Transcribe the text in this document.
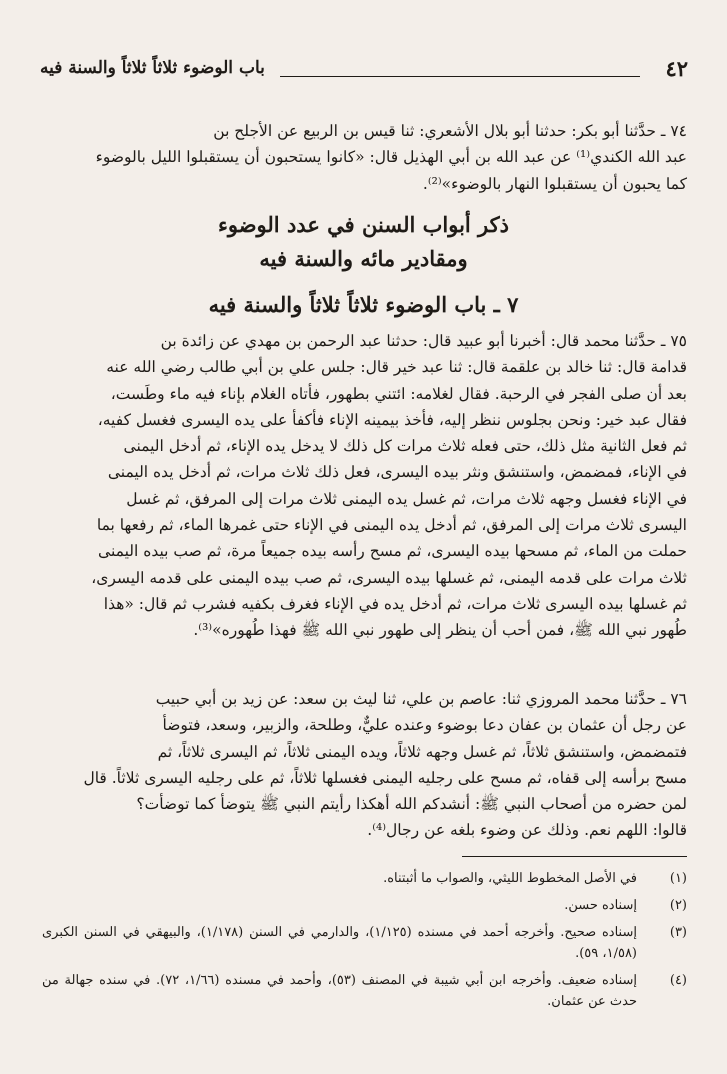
٤٢
باب الوضوء ثلاثاً ثلاثاً والسنة فيه

٧٤ ـ حدَّثنا أبو بكر: حدثنا أبو بلال الأشعري: ثنا قيس بن الربيع عن الأجلح بن

عبد الله الكندي⁽¹⁾ عن عبد الله بن أبي الهذيل قال: «كانوا يستحبون أن يستقبلوا الليل بالوضوء

كما يحبون أن يستقبلوا النهار بالوضوء»⁽²⁾.

ذكر أبواب السنن في عدد الوضوء
ومقادير مائه والسنة فيه
٧ ـ باب الوضوء ثلاثاً ثلاثاً والسنة فيه

٧٥ ـ حدَّثنا محمد قال: أخبرنا أبو عبيد قال: حدثنا عبد الرحمن بن مهدي عن زائدة بن

قدامة قال: ثنا خالد بن علقمة قال: ثنا عبد خير قال: جلس علي بن أبي طالب رضي الله عنه

بعد أن صلى الفجر في الرحبة. فقال لغلامه: ائتني بطهور، فأتاه الغلام بإناء فيه ماء وطَست،

فقال عبد خير: ونحن بجلوس ننظر إليه، فأخذ بيمينه الإناء فأكفأ على يده اليسرى فغسل كفيه،

ثم فعل الثانية مثل ذلك، حتى فعله ثلاث مرات كل ذلك لا يدخل يده الإناء، ثم أدخل اليمنى

في الإناء، فمضمض، واستنشق ونثر بيده اليسرى، فعل ذلك ثلاث مرات، ثم أدخل يده اليمنى

في الإناء فغسل وجهه ثلاث مرات، ثم غسل يده اليمنى ثلاث مرات إلى المرفق، ثم غسل

اليسرى ثلاث مرات إلى المرفق، ثم أدخل يده اليمنى في الإناء حتى غمرها الماء، ثم رفعها بما

حملت من الماء، ثم مسحها بيده اليسرى، ثم مسح رأسه بيده جميعاً مرة، ثم صب بيده اليمنى

ثلاث مرات على قدمه اليمنى، ثم غسلها بيده اليسرى، ثم صب بيده اليمنى على قدمه اليسرى،

ثم غسلها بيده اليسرى ثلاث مرات، ثم أدخل يده في الإناء فغرف بكفيه فشرب ثم قال: «هذا

طُهور نبي الله ﷺ، فمن أحب أن ينظر إلى طهور نبي الله ﷺ فهذا طُهوره»⁽³⁾.

٧٦ ـ حدَّثنا محمد المروزي ثنا: عاصم بن علي، ثنا ليث بن سعد: عن زيد بن أبي حبيب

عن رجل أن عثمان بن عفان دعا بوضوء وعنده عليٌّ، وطلحة، والزبير، وسعد، فتوضأ

فتمضمض، واستنشق ثلاثاً، ثم غسل وجهه ثلاثاً، ويده اليمنى ثلاثاً، ثم اليسرى ثلاثاً، ثم

مسح برأسه إلى قفاه، ثم مسح على رجليه اليمنى فغسلها ثلاثاً، ثم على رجليه اليسرى ثلاثاً. قال

لمن حضره من أصحاب النبي ﷺ: أنشدكم الله أهكذا رأيتم النبي ﷺ يتوضأ كما توضأت؟

قالوا: اللهم نعم. وذلك عن وضوء بلغه عن رجال⁽⁴⁾.

(١)
في الأصل المخطوط الليثي، والصواب ما أثبتناه.
(٢)
إسناده حسن.
(٣)
إسناده صحيح. وأخرجه أحمد في مسنده (١/١٢٥)، والدارمي في السنن (١/١٧٨)، والبيهقي في السنن الكبرى (١/٥٨، ٥٩).
(٤)
إسناده ضعيف. وأخرجه ابن أبي شيبة في المصنف (٥٣)، وأحمد في مسنده (١/٦٦، ٧٢). في سنده جهالة من حدث عن عثمان.
